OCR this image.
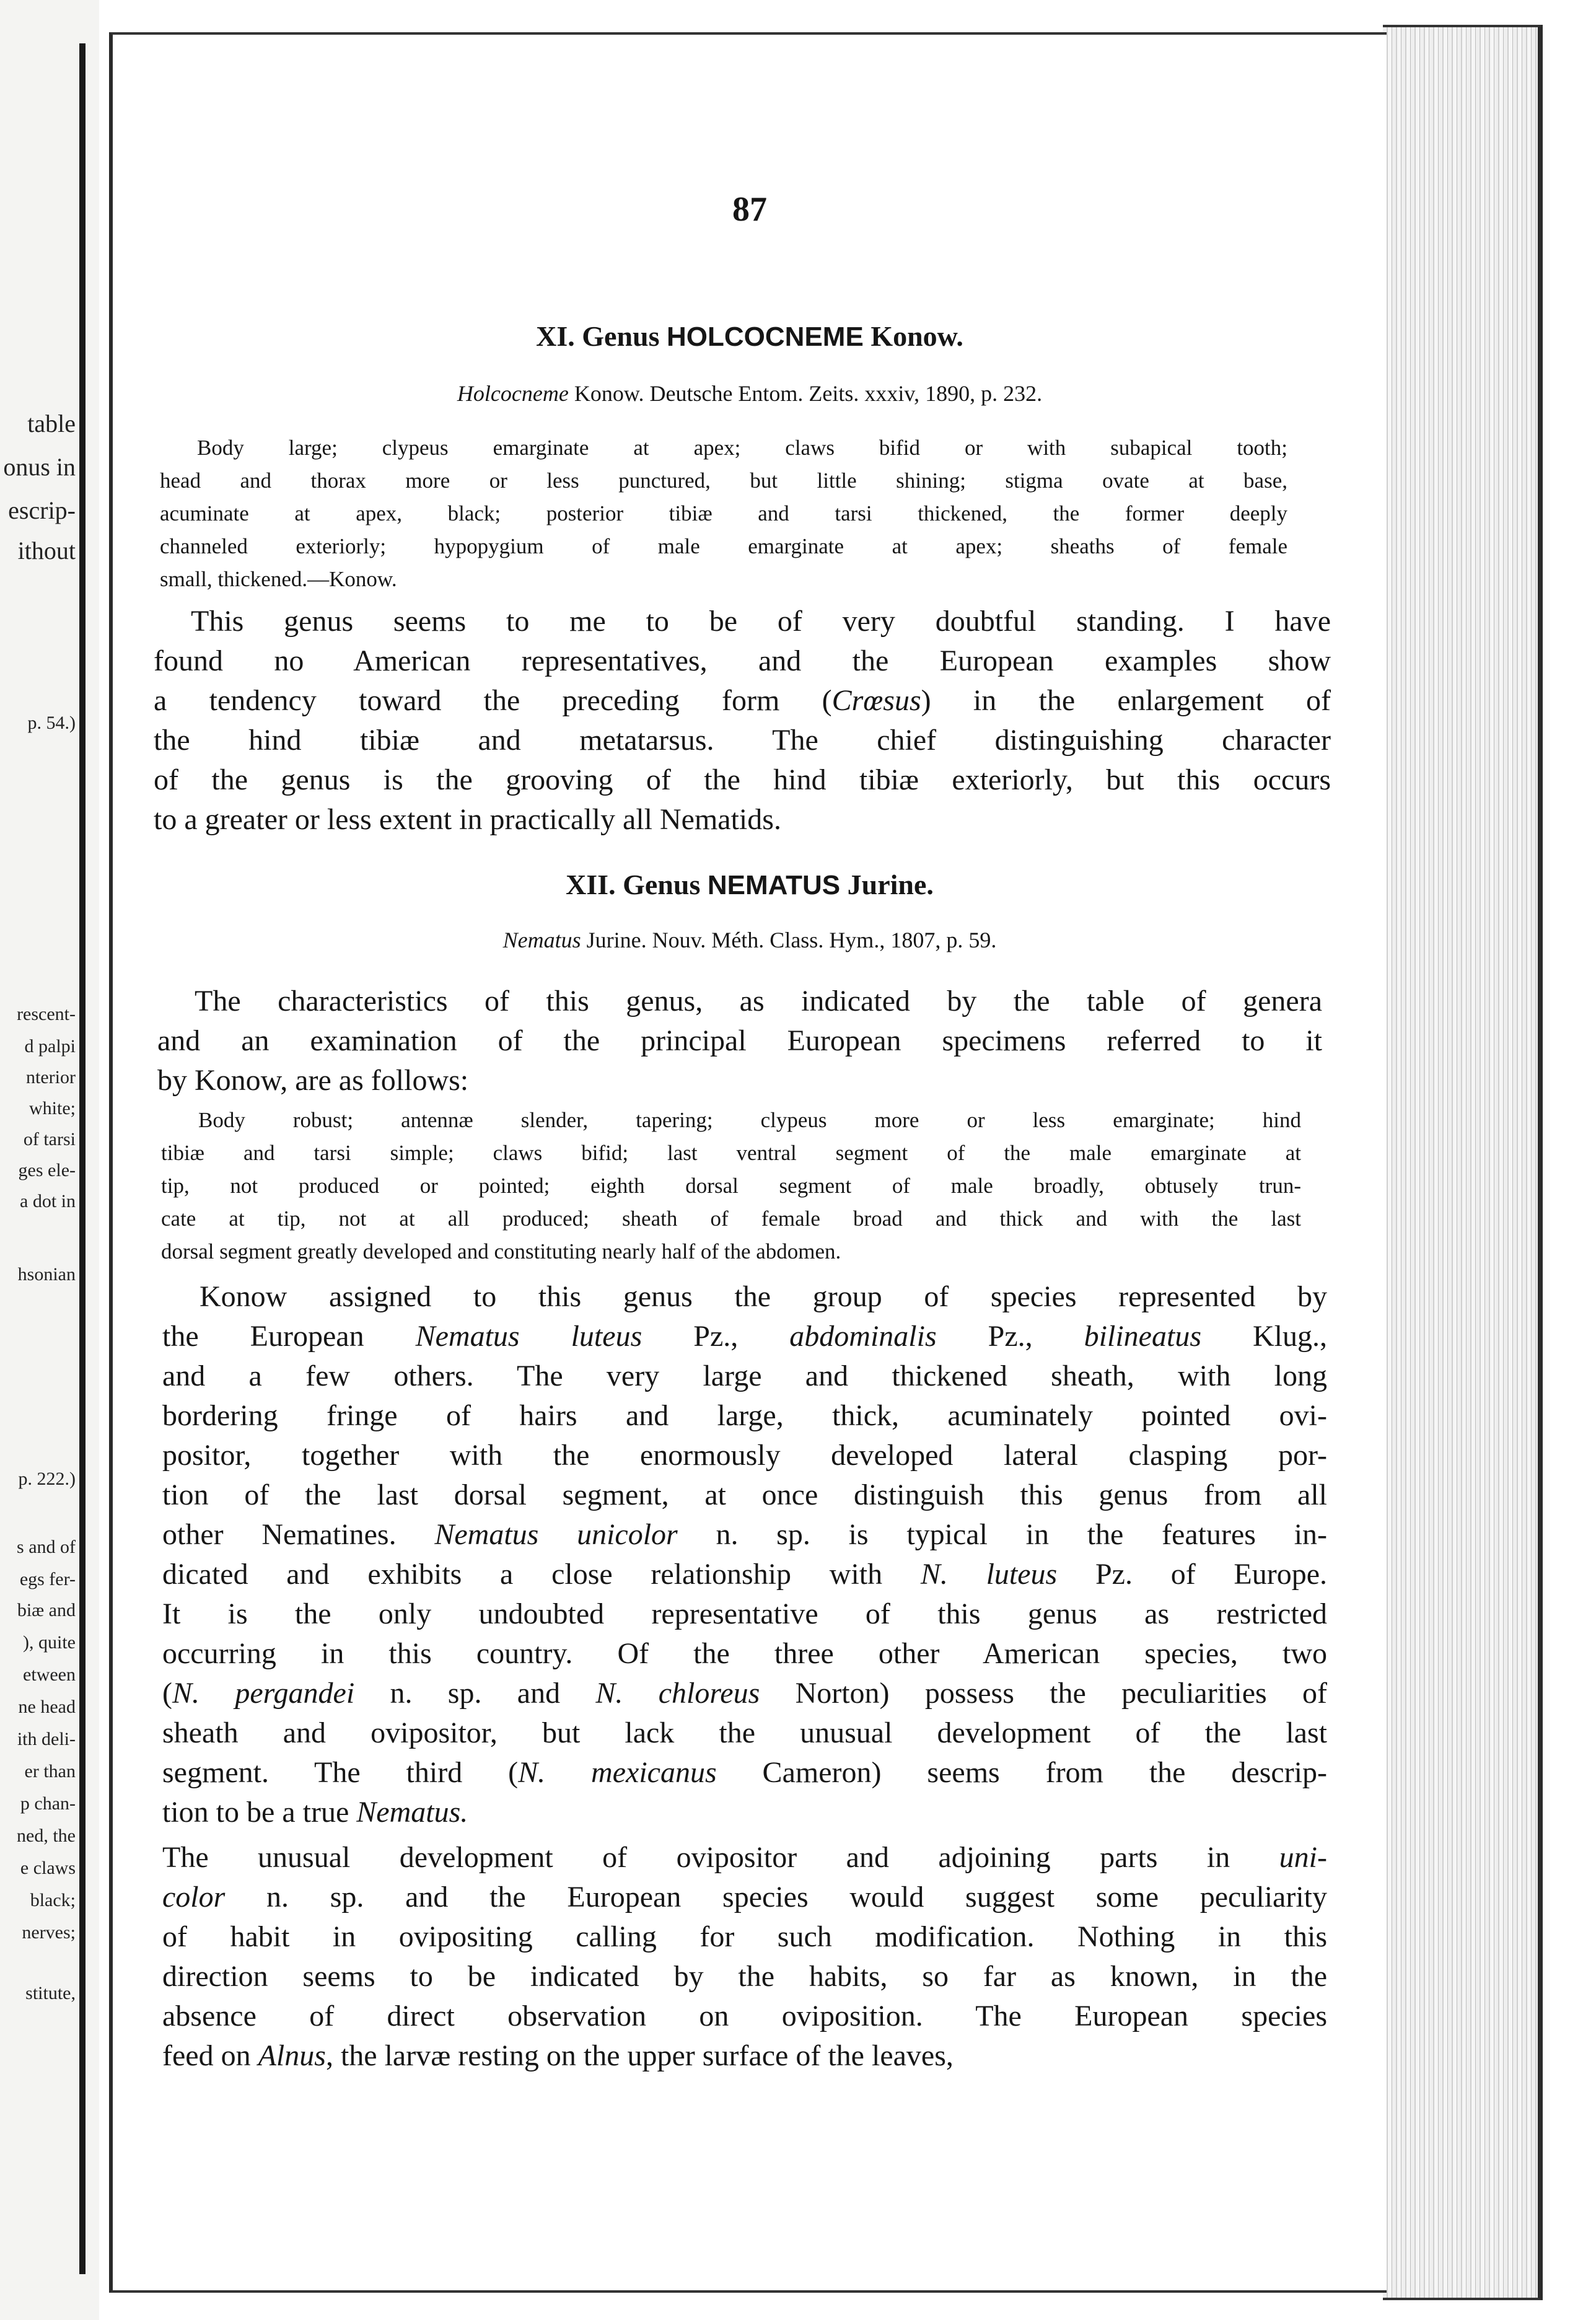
table
onus in
escrip-
ithout
p. 54.)
rescent-
d palpi
nterior
white;
of tarsi
ges ele-
a dot in
hsonian
p. 222.)
s and of
egs fer-
biæ and
), quite
etween
ne head
ith deli-
er than
p chan-
ned, the
e claws
black;
nerves;
stitute,
87
XI. Genus HOLCOCNEME Konow.
Holcocneme Konow. Deutsche Entom. Zeits. xxxiv, 1890, p. 232.
Body large; clypeus emarginate at apex; claws bifid or with subapical tooth;
head and thorax more or less punctured, but little shining; stigma ovate at base,
acuminate at apex, black; posterior tibiæ and tarsi thickened, the former deeply
channeled exteriorly; hypopygium of male emarginate at apex; sheaths of female
small, thickened.—Konow.
This genus seems to me to be of very doubtful standing. I have
found no American representatives, and the European examples show
a tendency toward the preceding form (Crœsus) in the enlargement of
the hind tibiæ and metatarsus. The chief distinguishing character
of the genus is the grooving of the hind tibiæ exteriorly, but this occurs
to a greater or less extent in practically all Nematids.
XII. Genus NEMATUS Jurine.
Nematus Jurine. Nouv. Méth. Class. Hym., 1807, p. 59.
The characteristics of this genus, as indicated by the table of genera
and an examination of the principal European specimens referred to it
by Konow, are as follows:
Body robust; antennæ slender, tapering; clypeus more or less emarginate; hind
tibiæ and tarsi simple; claws bifid; last ventral segment of the male emarginate at
tip, not produced or pointed; eighth dorsal segment of male broadly, obtusely trun-
cate at tip, not at all produced; sheath of female broad and thick and with the last
dorsal segment greatly developed and constituting nearly half of the abdomen.
Konow assigned to this genus the group of species represented by
the European Nematus luteus Pz., abdominalis Pz., bilineatus Klug.,
and a few others. The very large and thickened sheath, with long
bordering fringe of hairs and large, thick, acuminately pointed ovi-
positor, together with the enormously developed lateral clasping por-
tion of the last dorsal segment, at once distinguish this genus from all
other Nematines. Nematus unicolor n. sp. is typical in the features in-
dicated and exhibits a close relationship with N. luteus Pz. of Europe.
It is the only undoubted representative of this genus as restricted
occurring in this country. Of the three other American species, two
(N. pergandei n. sp. and N. chloreus Norton) possess the peculiarities of
sheath and ovipositor, but lack the unusual development of the last
segment. The third (N. mexicanus Cameron) seems from the descrip-
tion to be a true Nematus.
The unusual development of ovipositor and adjoining parts in uni-
color n. sp. and the European species would suggest some peculiarity
of habit in ovipositing calling for such modification. Nothing in this
direction seems to be indicated by the habits, so far as known, in the
absence of direct observation on oviposition. The European species
feed on Alnus, the larvæ resting on the upper surface of the leaves,
